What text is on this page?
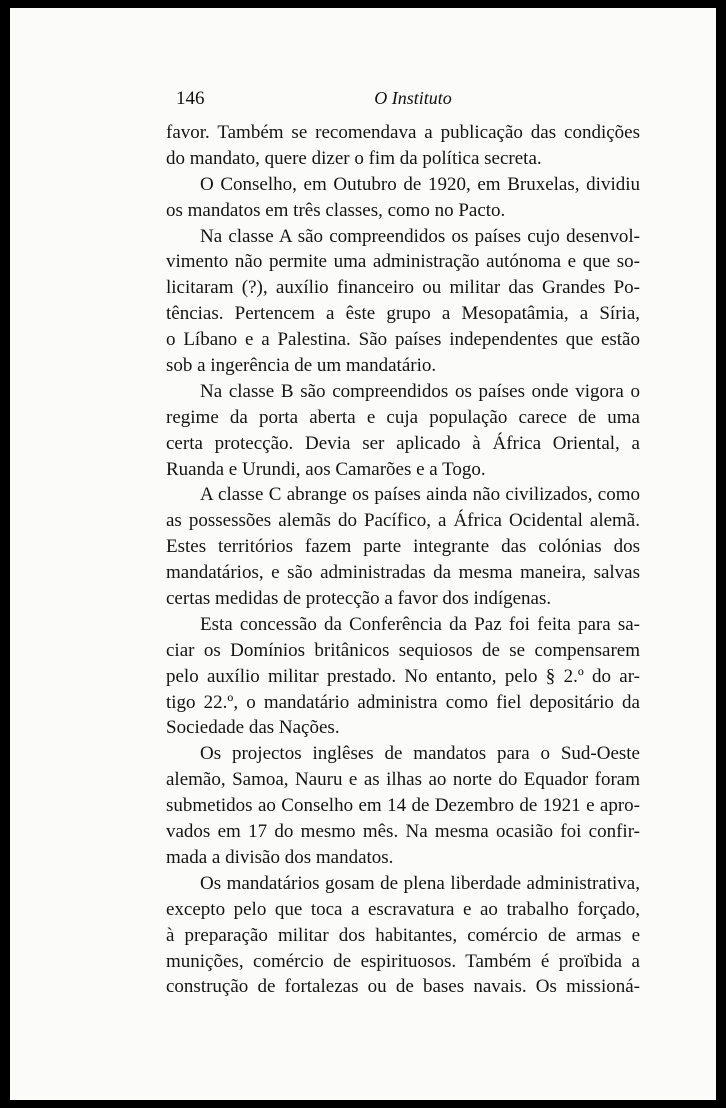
146	O Instituto
favor. Também se recomendava a publicação das condições
do mandato, quere dizer o fim da política secreta.
O Conselho, em Outubro de 1920, em Bruxelas, dividiu
os mandatos em três classes, como no Pacto.
Na classe A são compreendidos os países cujo desenvol-
vimento não permite uma administração autónoma e que so-
licitaram (?), auxílio financeiro ou militar das Grandes Po-
tências. Pertencem a êste grupo a Mesopatâmia, a Síria,
o Líbano e a Palestina. São países independentes que estão
sob a ingerência de um mandatário.
Na classe B são compreendidos os países onde vigora o
regime da porta aberta e cuja população carece de uma
certa protecção. Devia ser aplicado à África Oriental, a
Ruanda e Urundi, aos Camarões e a Togo.
A classe C abrange os países ainda não civilizados, como
as possessões alemãs do Pacífico, a África Ocidental alemã.
Estes territórios fazem parte integrante das colónias dos
mandatários, e são administradas da mesma maneira, salvas
certas medidas de protecção a favor dos indígenas.
Esta concessão da Conferência da Paz foi feita para sa-
ciar os Domínios britânicos sequiosos de se compensarem
pelo auxílio militar prestado. No entanto, pelo § 2.º do ar-
tigo 22.º, o mandatário administra como fiel depositário da
Sociedade das Nações.
Os projectos inglêses de mandatos para o Sud-Oeste
alemão, Samoa, Nauru e as ilhas ao norte do Equador foram
submetidos ao Conselho em 14 de Dezembro de 1921 e apro-
vados em 17 do mesmo mês. Na mesma ocasião foi confir-
mada a divisão dos mandatos.
Os mandatários gosam de plena liberdade administrativa,
excepto pelo que toca a escravatura e ao trabalho forçado,
à preparação militar dos habitantes, comércio de armas e
munições, comércio de espirituosos. Também é proïbida a
construção de fortalezas ou de bases navais. Os missioná-
